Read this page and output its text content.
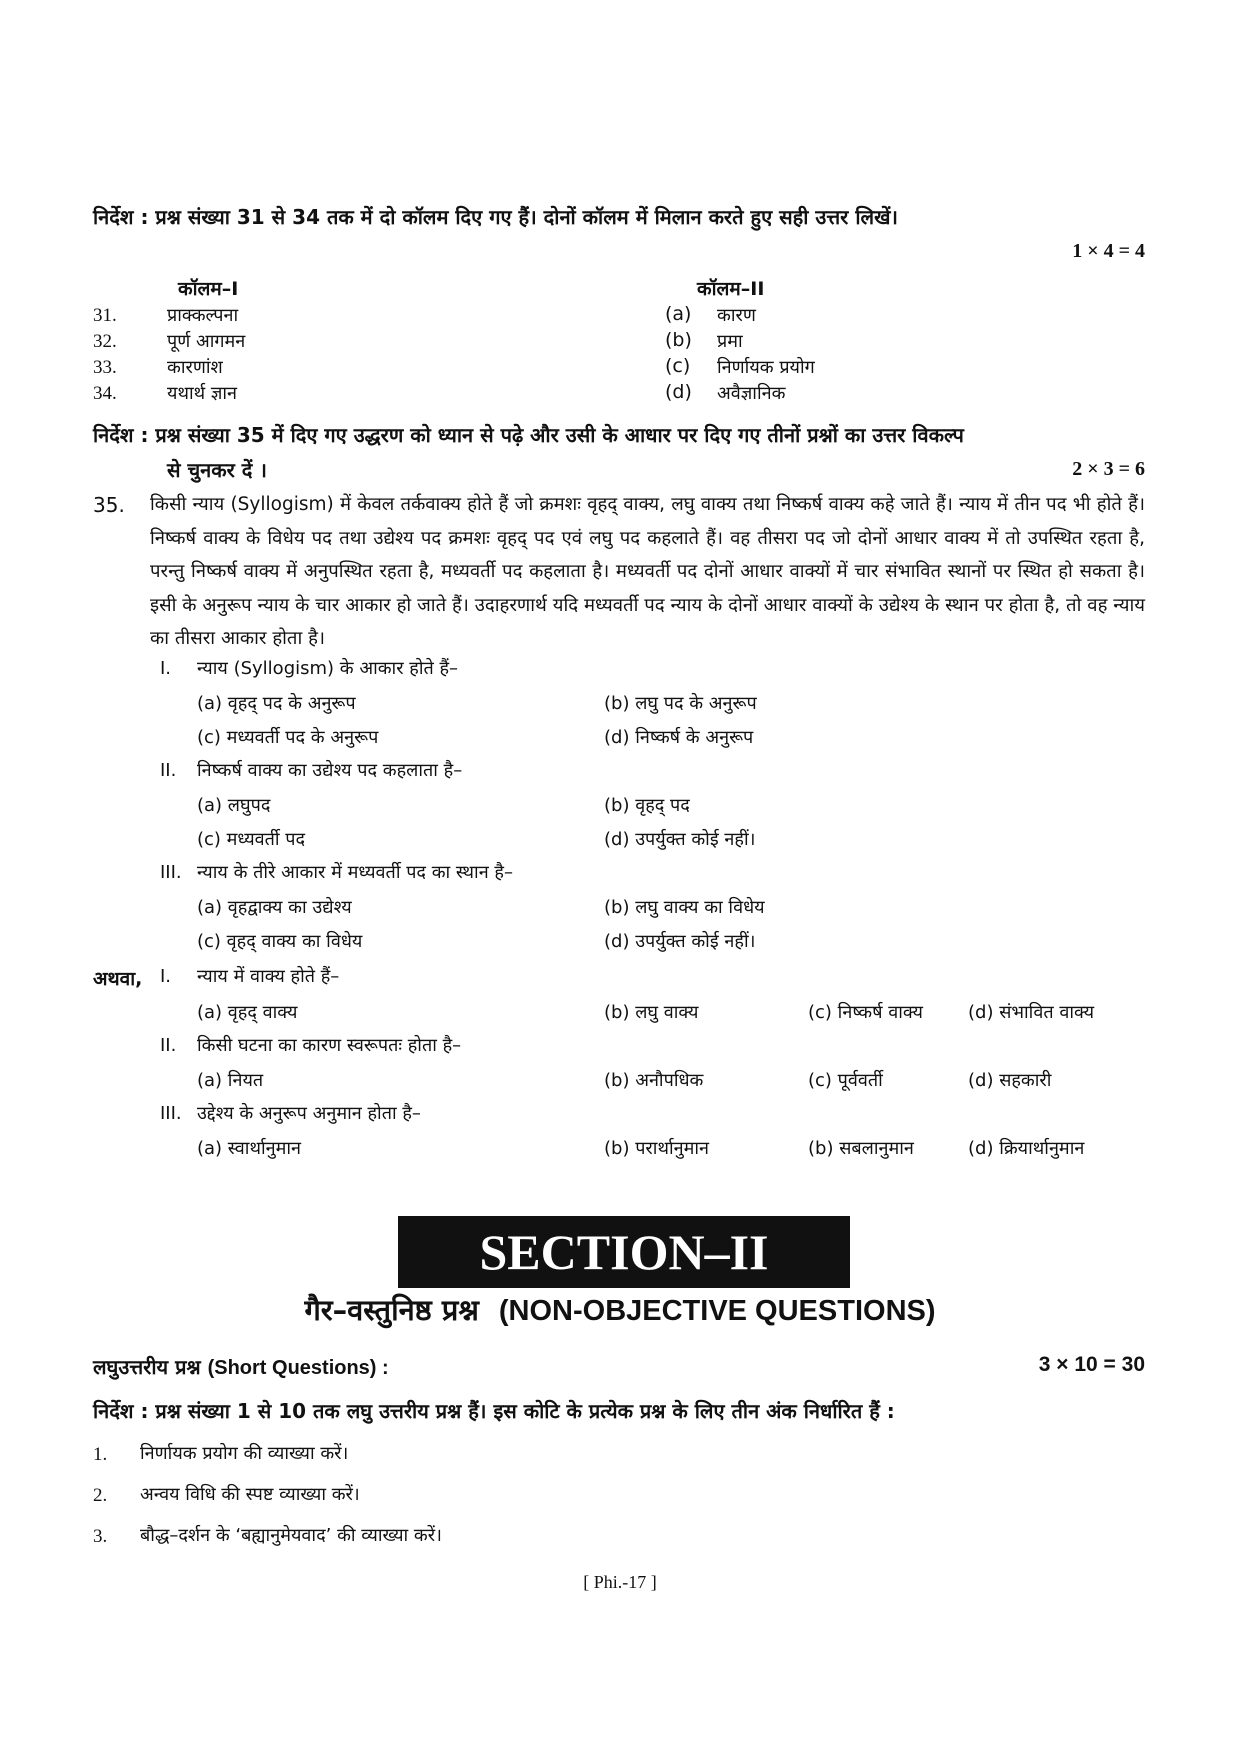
निर्देश : प्रश्न संख्या 31 से 34 तक में दो कॉलम दिए गए हैं। दोनों कॉलम में मिलान करते हुए सही उत्तर लिखें।
1 × 4 = 4
कॉलम–I	कॉलम–II
31.	प्राक्कल्पना	(a) कारण
32.	पूर्ण आगमन	(b) प्रमा
33.	कारणांश	(c) निर्णायक प्रयोग
34.	यथार्थ ज्ञान	(d) अवैज्ञानिक
निर्देश : प्रश्न संख्या 35 में दिए गए उद्धरण को ध्यान से पढ़े और उसी के आधार पर दिए गए तीनों प्रश्नों का उत्तर विकल्प
से चुनकर दें ।	2 × 3 = 6
35. किसी न्याय (Syllogism) में केवल तर्कवाक्य होते हैं जो क्रमशः वृहद् वाक्य, लघु वाक्य तथा निष्कर्ष वाक्य कहे जाते हैं। न्याय में तीन पद भी होते हैं। निष्कर्ष वाक्य के विधेय पद तथा उद्येश्य पद क्रमशः वृहद् पद एवं लघु पद कहलाते हैं। वह तीसरा पद जो दोनों आधार वाक्य में तो उपस्थित रहता है, परन्तु निष्कर्ष वाक्य में अनुपस्थित रहता है, मध्यवर्ती पद कहलाता है। मध्यवर्ती पद दोनों आधार वाक्यों में चार संभावित स्थानों पर स्थित हो सकता है। इसी के अनुरूप न्याय के चार आकार हो जाते हैं। उदाहरणार्थ यदि मध्यवर्ती पद न्याय के दोनों आधार वाक्यों के उद्येश्य के स्थान पर होता है, तो वह न्याय का तीसरा आकार होता है।
I. न्याय (Syllogism) के आकार होते हैं–
(a) वृहद् पद के अनुरूप	(b) लघु पद के अनुरूप
(c) मध्यवर्ती पद के अनुरूप	(d) निष्कर्ष के अनुरूप
II. निष्कर्ष वाक्य का उद्येश्य पद कहलाता है–
(a) लघुपद	(b) वृहद् पद
(c) मध्यवर्ती पद	(d) उपर्युक्त कोई नहीं।
III. न्याय के तीरे आकार में मध्यवर्ती पद का स्थान है–
(a) वृहद्वाक्य का उद्येश्य	(b) लघु वाक्य का विधेय
(c) वृहद् वाक्य का विधेय	(d) उपर्युक्त कोई नहीं।
अथवा, I. न्याय में वाक्य होते हैं–
(a) वृहद् वाक्य	(b) लघु वाक्य	(c) निष्कर्ष वाक्य	(d) संभावित वाक्य
II. किसी घटना का कारण स्वरूपतः होता है–
(a) नियत	(b) अनौपधिक	(c) पूर्ववर्ती	(d) सहकारी
III. उद्देश्य के अनुरूप अनुमान होता है–
(a) स्वार्थानुमान	(b) परार्थानुमान	(b) सबलानुमान	(d) क्रियार्थानुमान
SECTION–II
गैर–वस्तुनिष्ठ प्रश्न (NON-OBJECTIVE QUESTIONS)
लघुउत्तरीय प्रश्न (Short Questions) :	3 × 10 = 30
निर्देश : प्रश्न संख्या 1 से 10 तक लघु उत्तरीय प्रश्न हैं। इस कोटि के प्रत्येक प्रश्न के लिए तीन अंक निर्धारित हैं :
1. निर्णायक प्रयोग की व्याख्या करें।
2. अन्वय विधि की स्पष्ट व्याख्या करें।
3. बौद्ध–दर्शन के ‘बह्यानुमेयवाद’ की व्याख्या करें।
[ Phi.-17 ]
